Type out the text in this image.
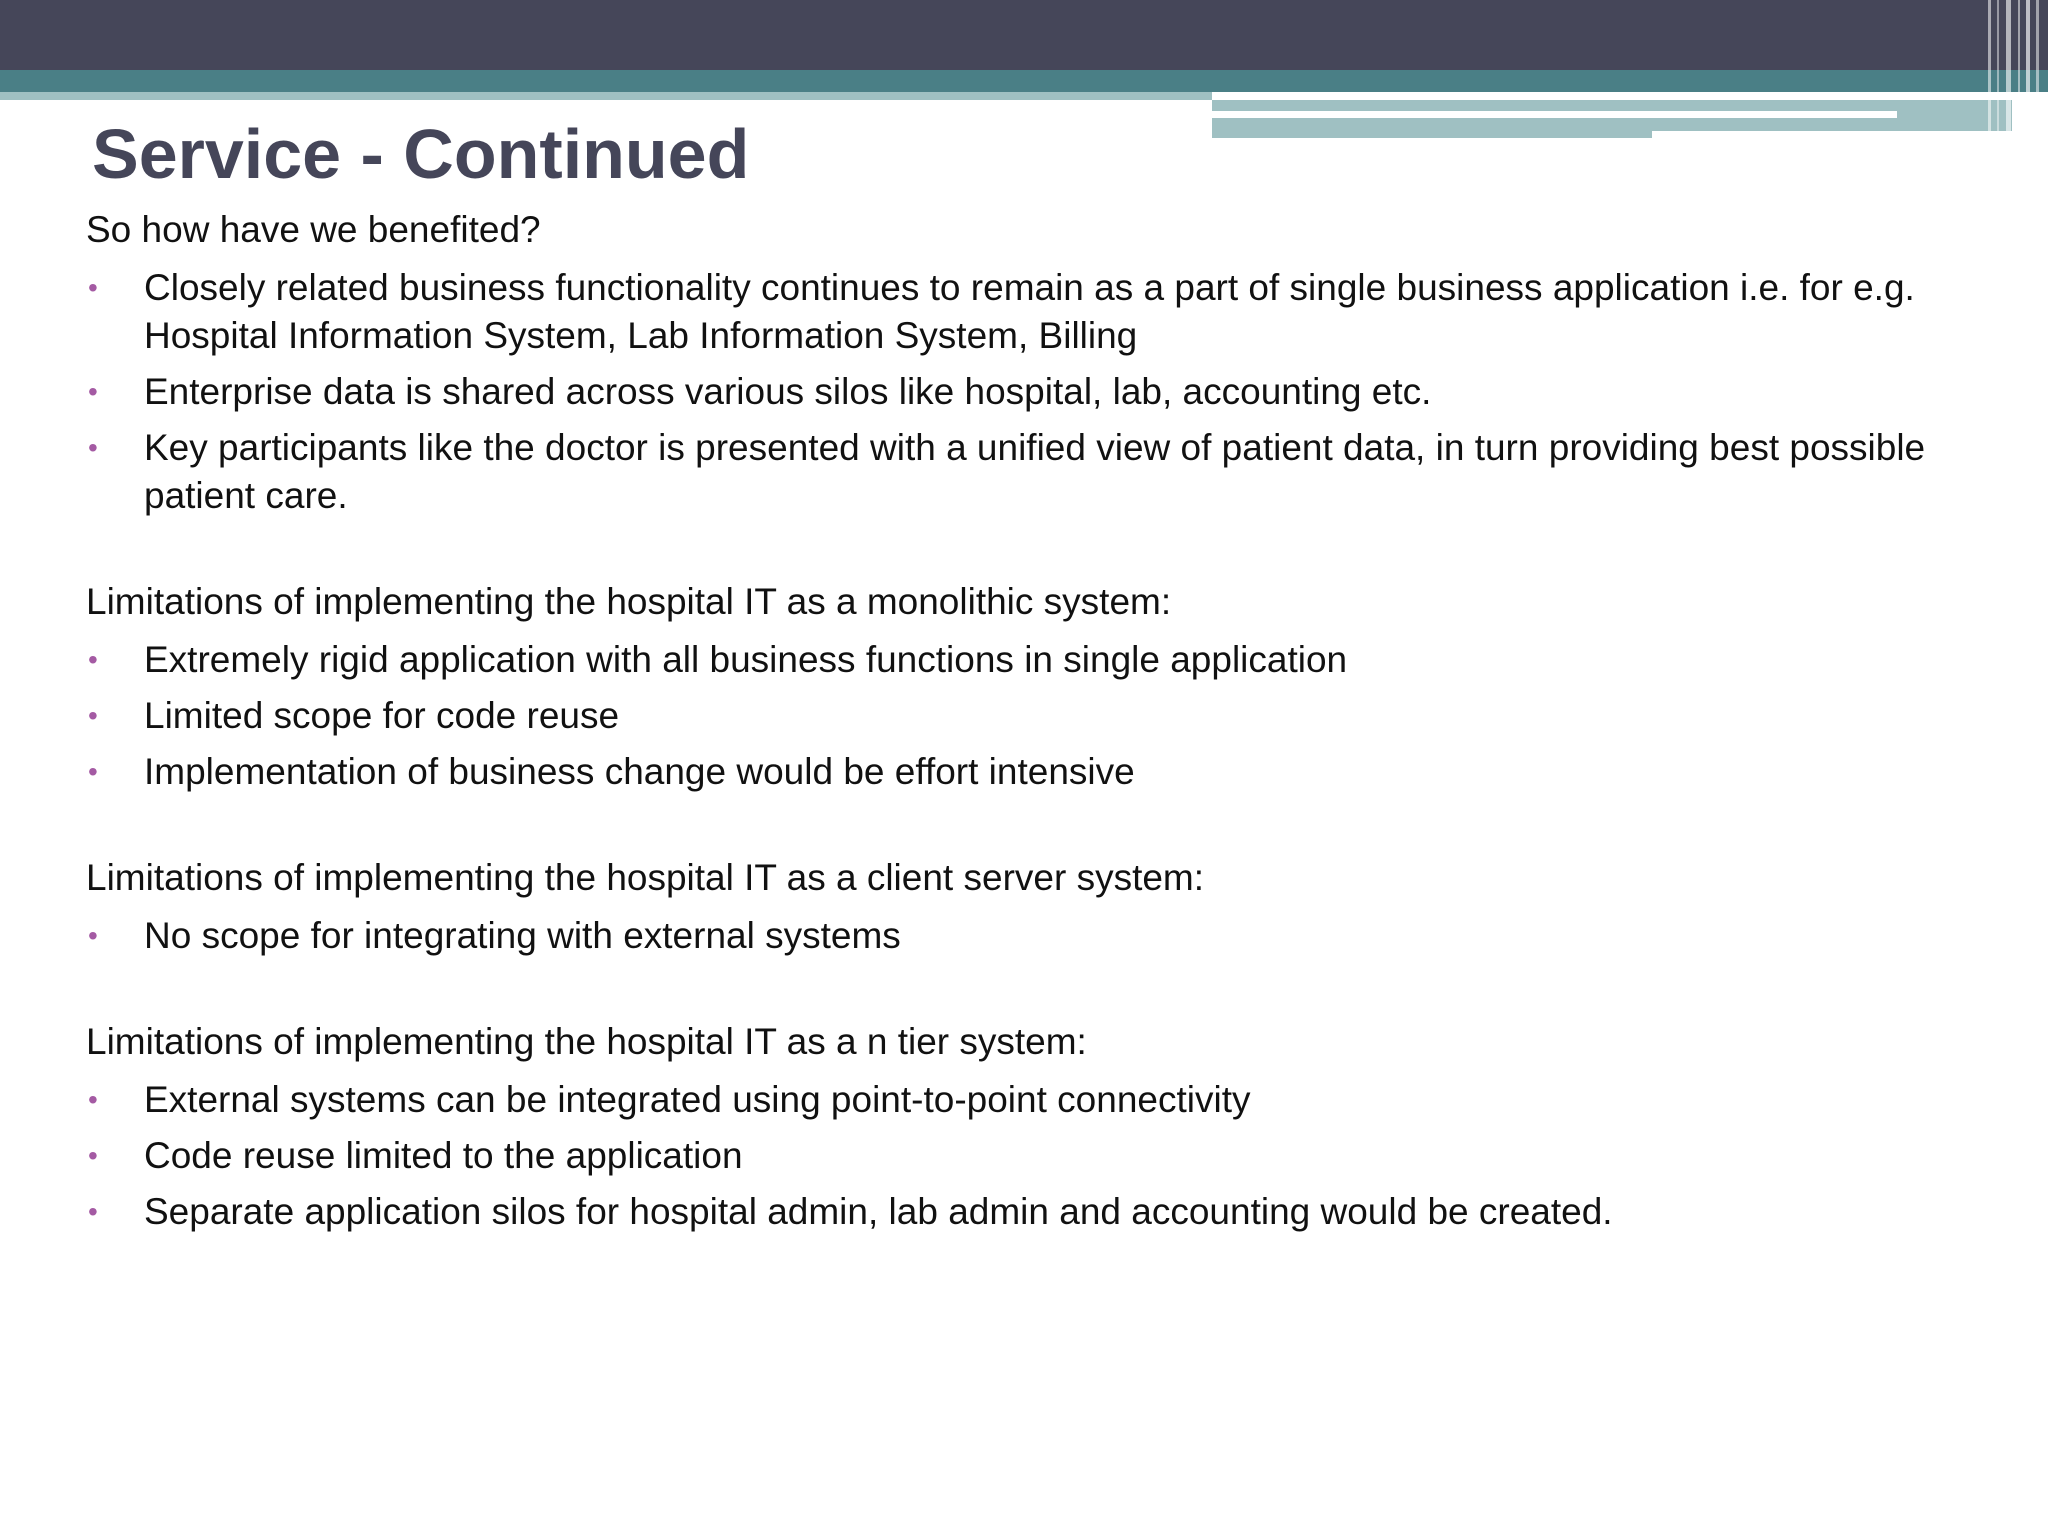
Service - Continued

So how have we benefited?

• Closely related business functionality continues to remain as a part of single business application i.e. for e.g. Hospital Information System, Lab Information System, Billing
• Enterprise data is shared across various silos like hospital, lab, accounting etc.
• Key participants like the doctor is presented with a unified view of patient data, in turn providing best possible patient care.

Limitations of implementing the hospital IT as a monolithic system:

• Extremely rigid application with all business functions in single application
• Limited scope for code reuse
• Implementation of business change would be effort intensive

Limitations of implementing the hospital IT as a client server system:

• No scope for integrating with external systems

Limitations of implementing the hospital IT as a n tier system:

• External systems can be integrated using point-to-point connectivity
• Code reuse limited to the application
• Separate application silos for hospital admin, lab admin and accounting would be created.
